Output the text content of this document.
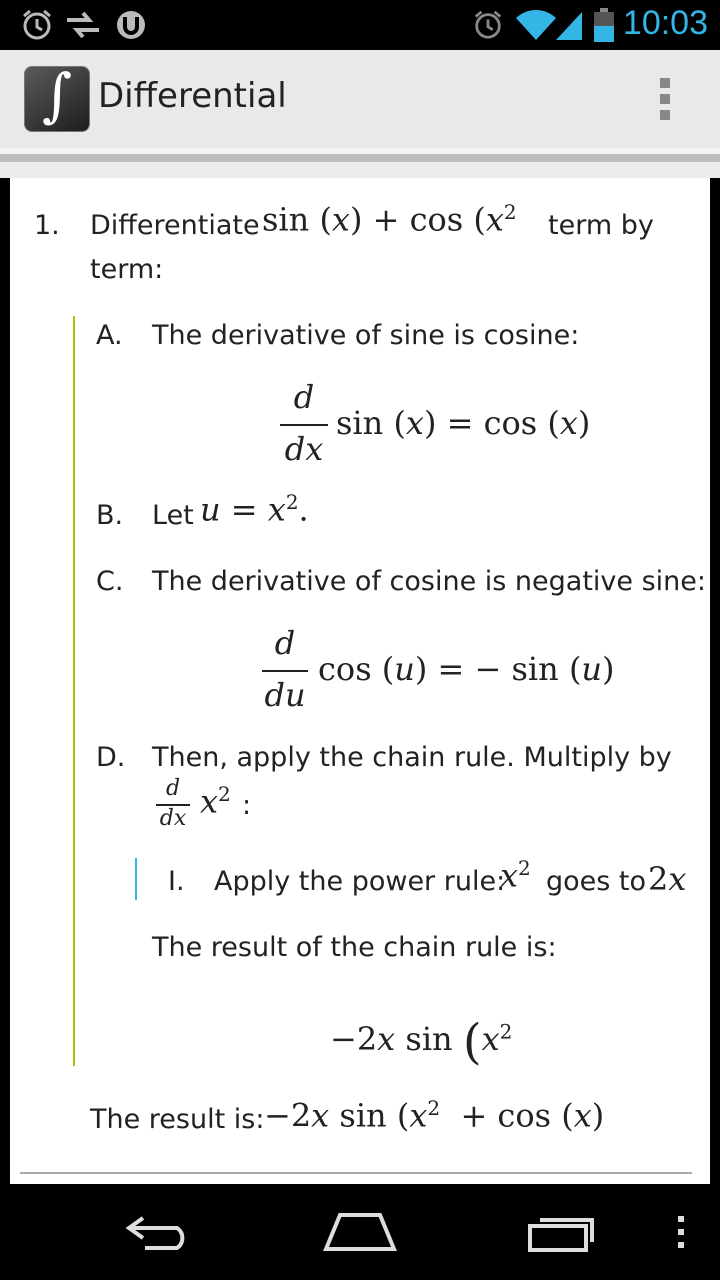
10:03
∫ Differential
1. Differentiate $\sin (x) + \cos (x^2$ term by
term:
A. The derivative of sine is cosine:
d
dx
sin (x) = cos (x)
B. Let $u = x^2$.
C. The derivative of cosine is negative sine:
d
du
cos (u) = − sin (u)
D. Then, apply the chain rule. Multiply by
d
dx $x^2$ :
I. Apply the power rule:
$x^2$ goes to 2x
The result of the chain rule is:
−2x $\sin (x^2$
The result is: −2x $\sin (x^2 + \cos (x)$
